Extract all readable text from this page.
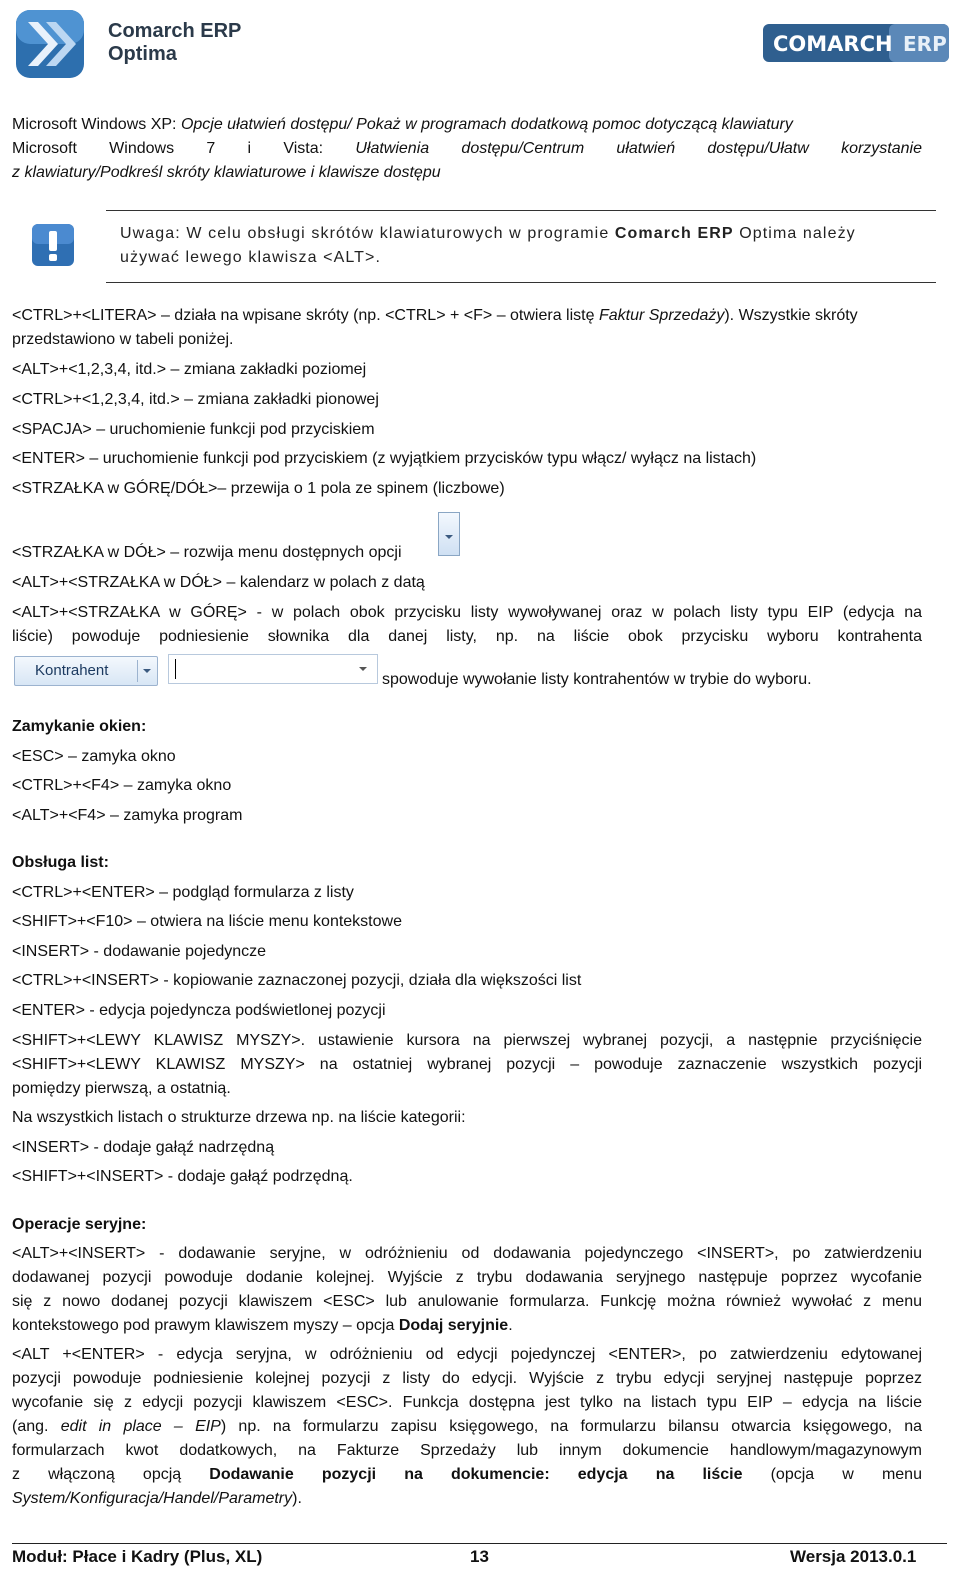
Comarch ERP
Optima	COMARCH ERP
Microsoft Windows XP: Opcje ułatwień dostępu/ Pokaż w programach dodatkową pomoc dotyczącą klawiatury
Microsoft Windows 7 i Vista: Ułatwienia dostępu/Centrum ułatwień dostępu/Ułatw korzystanie
z klawiatury/Podkreśl skróty klawiaturowe i klawisze dostępu
Uwaga: W celu obsługi skrótów klawiaturowych w programie Comarch ERP Optima należy
używać lewego klawisza <ALT>.
<CTRL>+<LITERA> – działa na wpisane skróty (np. <CTRL> + <F> – otwiera listę Faktur Sprzedaży). Wszystkie skróty
przedstawiono w tabeli poniżej.
<ALT>+<1,2,3,4, itd.> – zmiana zakładki poziomej
<CTRL>+<1,2,3,4, itd.> – zmiana zakładki pionowej
<SPACJA> – uruchomienie funkcji pod przyciskiem
<ENTER> – uruchomienie funkcji pod przyciskiem (z wyjątkiem przycisków typu włącz/ wyłącz na listach)
<STRZAŁKA w GÓRĘ/DÓŁ>– przewija o 1 pola ze spinem (liczbowe)
<STRZAŁKA w DÓŁ> – rozwija menu dostępnych opcji
<ALT>+<STRZAŁKA w DÓŁ> – kalendarz w polach z datą
<ALT>+<STRZAŁKA w GÓRĘ> - w polach obok przycisku listy wywoływanej oraz w polach listy typu EIP (edycja na
liście) powoduje podniesienie słownika dla danej listy, np. na liście obok przycisku wyboru kontrahenta
Kontrahent
spowoduje wywołanie listy kontrahentów w trybie do wyboru.
Zamykanie okien:
<ESC> – zamyka okno
<CTRL>+<F4> – zamyka okno
<ALT>+<F4> – zamyka program
Obsługa list:
<CTRL>+<ENTER> – podgląd formularza z listy
<SHIFT>+<F10> – otwiera na liście menu kontekstowe
<INSERT> - dodawanie pojedyncze
<CTRL>+<INSERT> - kopiowanie zaznaczonej pozycji, działa dla większości list
<ENTER> - edycja pojedyncza podświetlonej pozycji
<SHIFT>+<LEWY KLAWISZ MYSZY>. ustawienie kursora na pierwszej wybranej pozycji, a następnie przyciśnięcie
<SHIFT>+<LEWY KLAWISZ MYSZY> na ostatniej wybranej pozycji – powoduje zaznaczenie wszystkich pozycji
pomiędzy pierwszą, a ostatnią.
Na wszystkich listach o strukturze drzewa np. na liście kategorii:
<INSERT> - dodaje gałąź nadrzędną
<SHIFT>+<INSERT> - dodaje gałąź podrzędną.
Operacje seryjne:
<ALT>+<INSERT> - dodawanie seryjne, w odróżnieniu od dodawania pojedynczego <INSERT>, po zatwierdzeniu
dodawanej pozycji powoduje dodanie kolejnej. Wyjście z trybu dodawania seryjnego następuje poprzez wycofanie
się z nowo dodanej pozycji klawiszem <ESC> lub anulowanie formularza. Funkcję można również wywołać z menu
kontekstowego pod prawym klawiszem myszy – opcja Dodaj seryjnie.
<ALT +<ENTER> - edycja seryjna, w odróżnieniu od edycji pojedynczej <ENTER>, po zatwierdzeniu edytowanej
pozycji powoduje podniesienie kolejnej pozycji z listy do edycji. Wyjście z trybu edycji seryjnej następuje poprzez
wycofanie się z edycji pozycji klawiszem <ESC>. Funkcja dostępna jest tylko na listach typu EIP – edycja na liście
(ang. edit in place – EIP) np. na formularzu zapisu księgowego, na formularzu bilansu otwarcia księgowego, na
formularzach kwot dodatkowych, na Fakturze Sprzedaży lub innym dokumencie handlowym/magazynowym
z włączoną opcją Dodawanie pozycji na dokumencie: edycja na liście (opcja w menu
System/Konfiguracja/Handel/Parametry).
Moduł: Płace i Kadry (Plus, XL)	13	Wersja 2013.0.1
